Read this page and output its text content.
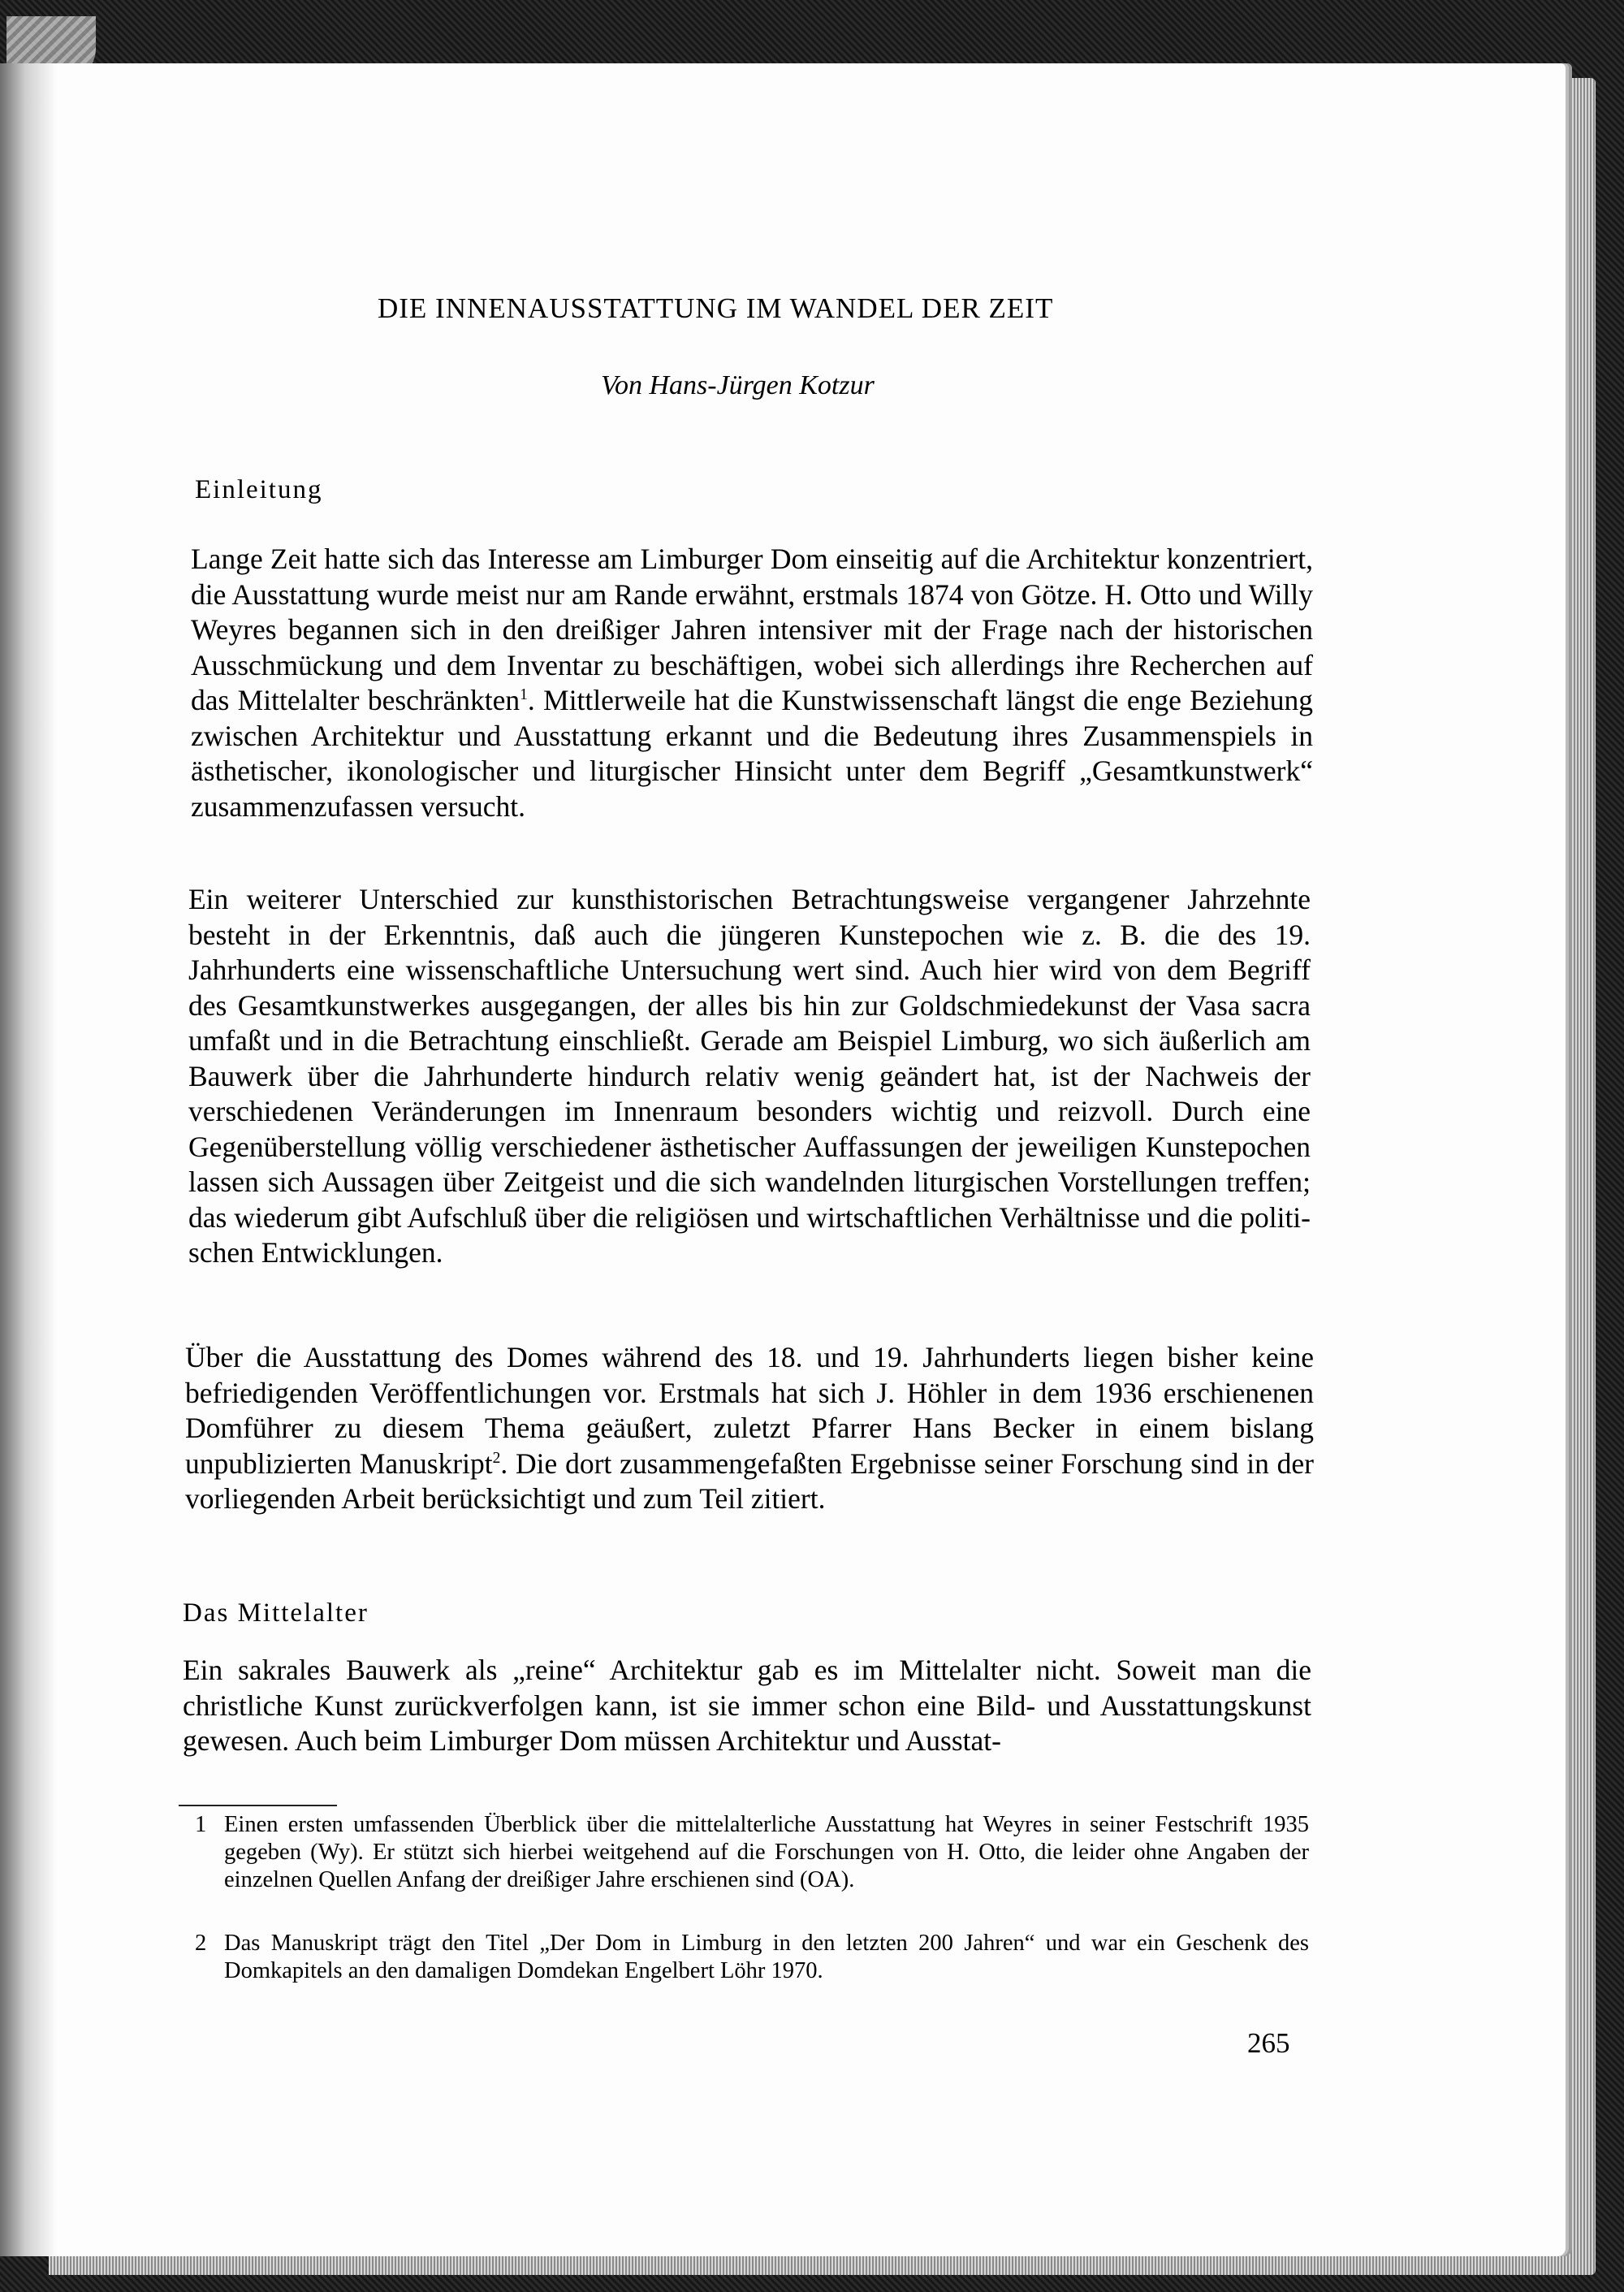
DIE INNENAUSSTATTUNG IM WANDEL DER ZEIT
Von Hans-Jürgen Kotzur
Einleitung

Lange Zeit hatte sich das Interesse am Limburger Dom einseitig auf die Architektur konzentriert, die Ausstattung wurde meist nur am Rande erwähnt, erstmals 1874 von Götze. H. Otto und Willy Weyres begannen sich in den dreißiger Jahren intensiver mit der Frage nach der historischen Ausschmückung und dem Inventar zu beschäftigen, wobei sich allerdings ihre Recherchen auf das Mittelalter beschränkten$^1$. Mittlerweile hat die Kunstwissenschaft längst die enge Beziehung zwischen Architektur und Ausstattung erkannt und die Bedeutung ihres Zusammenspiels in ästhetischer, ikonologischer und liturgischer Hinsicht unter dem Begriff „Gesamtkunstwerk“ zusammenzufassen versucht.

Ein weiterer Unterschied zur kunsthistorischen Betrachtungsweise vergangener Jahrzehnte besteht in der Erkenntnis, daß auch die jüngeren Kunstepochen wie z. B. die des 19. Jahrhunderts eine wissenschaftliche Untersuchung wert sind. Auch hier wird von dem Begriff des Gesamtkunstwerkes ausgegangen, der alles bis hin zur Goldschmiedekunst der Vasa sacra umfaßt und in die Betrachtung einschließt. Gerade am Beispiel Limburg, wo sich äußerlich am Bauwerk über die Jahrhunderte hindurch relativ wenig geändert hat, ist der Nachweis der verschiedenen Veränderungen im Innenraum besonders wichtig und reizvoll. Durch eine Gegenüberstellung völlig verschiedener ästhetischer Auffassungen der jeweiligen Kunstepochen lassen sich Aussagen über Zeitgeist und die sich wandelnden liturgischen Vorstellungen treffen; das wiederum gibt Aufschluß über die religiösen und wirtschaftlichen Verhältnisse und die politischen Entwicklungen.

Über die Ausstattung des Domes während des 18. und 19. Jahrhunderts liegen bisher keine befriedigenden Veröffentlichungen vor. Erstmals hat sich J. Höhler in dem 1936 erschienenen Domführer zu diesem Thema geäußert, zuletzt Pfarrer Hans Becker in einem bislang unpublizierten Manuskript$^2$. Die dort zusammengefaßten Ergebnisse seiner Forschung sind in der vorliegenden Arbeit berücksichtigt und zum Teil zitiert.

Das Mittelalter

Ein sakrales Bauwerk als „reine“ Architektur gab es im Mittelalter nicht. Soweit man die christliche Kunst zurückverfolgen kann, ist sie immer schon eine Bild- und Ausstattungskunst gewesen. Auch beim Limburger Dom müssen Architektur und Ausstat-

1 Einen ersten umfassenden Überblick über die mittelalterliche Ausstattung hat Weyres in seiner Festschrift 1935 gegeben (Wy). Er stützt sich hierbei weitgehend auf die Forschungen von H. Otto, die leider ohne Angaben der einzelnen Quellen Anfang der dreißiger Jahre erschienen sind (OA).
2 Das Manuskript trägt den Titel „Der Dom in Limburg in den letzten 200 Jahren“ und war ein Geschenk des Domkapitels an den damaligen Domdekan Engelbert Löhr 1970.
265
